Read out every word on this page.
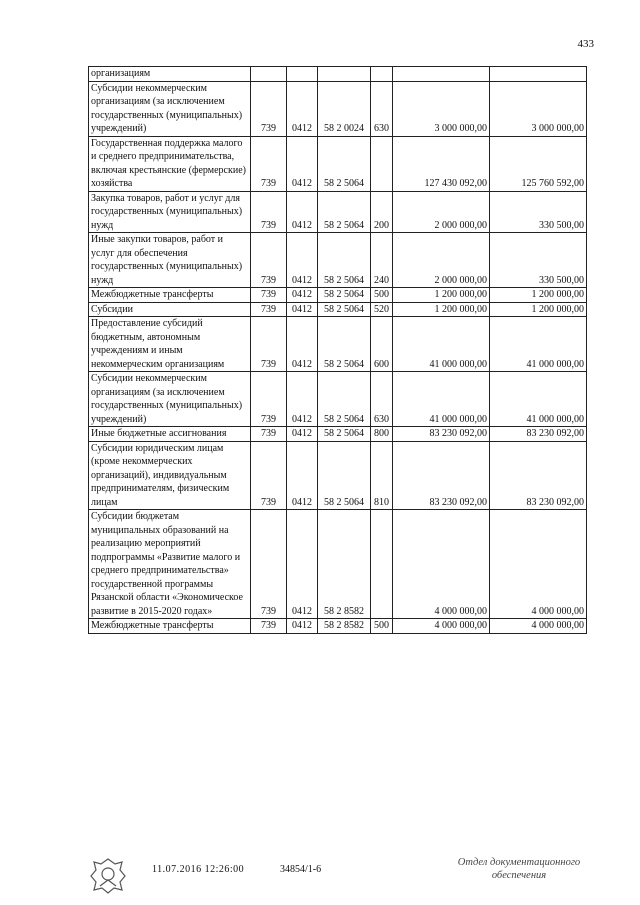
433
организациям						
Субсидии некоммерческим организациям (за исключением государственных (муниципальных) учреждений)	739	0412	58 2 0024	630	3 000 000,00	3 000 000,00
Государственная поддержка малого и среднего предпринимательства, включая крестьянские (фермерские) хозяйства	739	0412	58 2 5064		127 430 092,00	125 760 592,00
Закупка товаров, работ и услуг для государственных (муниципальных) нужд	739	0412	58 2 5064	200	2 000 000,00	330 500,00
Иные закупки товаров, работ и услуг для обеспечения государственных (муниципальных) нужд	739	0412	58 2 5064	240	2 000 000,00	330 500,00
Межбюджетные трансферты	739	0412	58 2 5064	500	1 200 000,00	1 200 000,00
Субсидии	739	0412	58 2 5064	520	1 200 000,00	1 200 000,00
Предоставление субсидий бюджетным, автономным учреждениям и иным некоммерческим организациям	739	0412	58 2 5064	600	41 000 000,00	41 000 000,00
Субсидии некоммерческим организациям (за исключением государственных (муниципальных) учреждений)	739	0412	58 2 5064	630	41 000 000,00	41 000 000,00
Иные бюджетные ассигнования	739	0412	58 2 5064	800	83 230 092,00	83 230 092,00
Субсидии юридическим лицам (кроме некоммерческих организаций), индивидуальным предпринимателям, физическим лицам	739	0412	58 2 5064	810	83 230 092,00	83 230 092,00
Субсидии бюджетам муниципальных образований на реализацию мероприятий подпрограммы «Развитие малого и среднего предпринимательства» государственной программы Рязанской области «Экономическое развитие в 2015-2020 годах»	739	0412	58 2 8582		4 000 000,00	4 000 000,00
Межбюджетные трансферты	739	0412	58 2 8582	500	4 000 000,00	4 000 000,00
11.07.2016 12:26:00	34854/1-6
Отдел документационного обеспечения
